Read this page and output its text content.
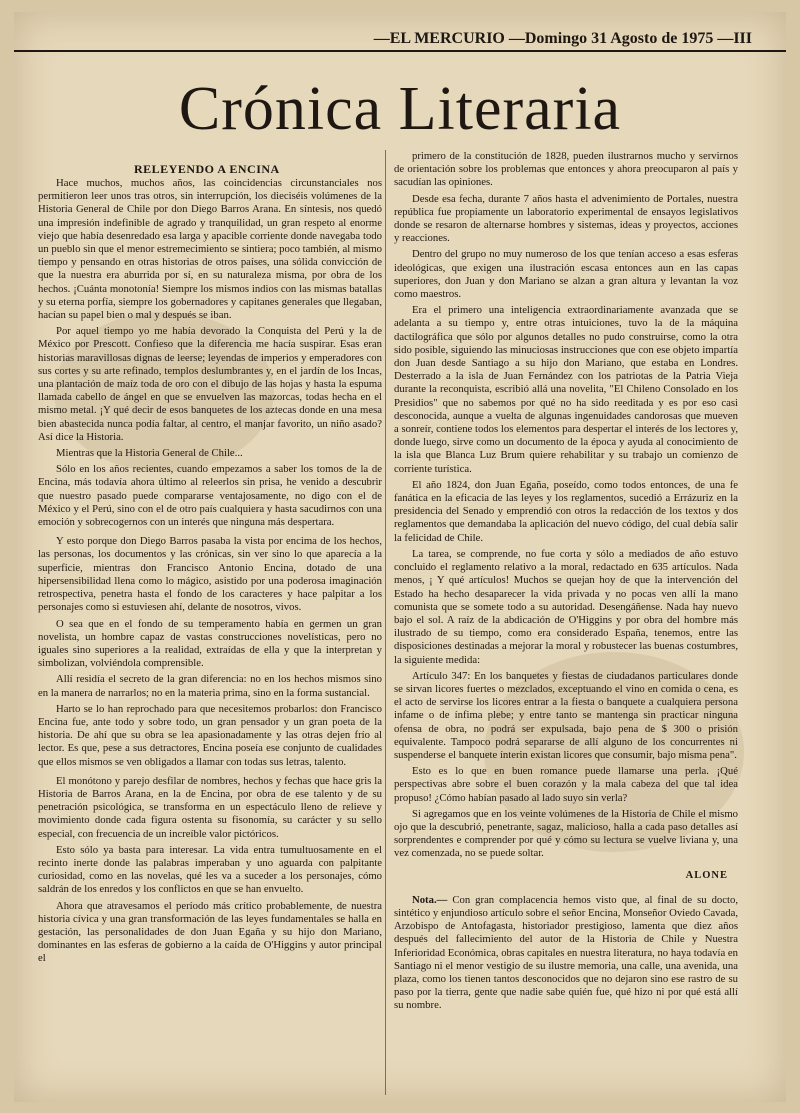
—EL MERCURIO —Domingo 31 Agosto de 1975 —III
Crónica Literaria
RELEYENDO A ENCINA

Hace muchos, muchos años, las coincidencias circunstanciales nos permitieron leer unos tras otros, sin interrupción, los dieciséis volúmenes de la Historia General de Chile por don Diego Barros Arana. En síntesis, nos quedó una impresión indefinible de agrado y tranquilidad, un gran respeto al enorme viejo que había desenredado esa larga y apacible corriente donde navegaba todo un pueblo sin que el menor estremecimiento se sintiera; poco también, al mismo tiempo y pensando en otras historias de otros países, una sólida convicción de que la nuestra era aburrida por sí, en su naturaleza misma, por obra de los hechos. ¡Cuánta monotonía! Siempre los mismos indios con las mismas batallas y su eterna porfía, siempre los gobernadores y capitanes generales que llegaban, hacían su papel bien o mal y después se iban.

Por aquel tiempo yo me había devorado la Conquista del Perú y la de México por Prescott. Confieso que la diferencia me hacía suspirar. Esas eran historias maravillosas dignas de leerse; leyendas de imperios y emperadores con sus cortes y su arte refinado, templos deslumbrantes y, en el jardín de los Incas, una plantación de maíz toda de oro con el dibujo de las hojas y hasta la espuma llamada cabello de ángel en que se envuelven las mazorcas, todas hecha en el mismo metal. ¡Y qué decir de esos banquetes de los aztecas donde en una mesa bien abastecida nunca podía faltar, al centro, el manjar favorito, un niño asado? Así dice la Historia.

Mientras que la Historia General de Chile...

Sólo en los años recientes, cuando empezamos a saber los tomos de la de Encina, más todavía ahora último al releerlos sin prisa, he venido a descubrir que nuestro pasado puede compararse ventajosamente, no digo con el de México y el Perú, sino con el de otro país cualquiera y hasta sacudirnos con una emoción y sobrecogernos con un interés que ninguna más despertara.

Y esto porque don Diego Barros pasaba la vista por encima de los hechos, las personas, los documentos y las crónicas, sin ver sino lo que aparecía a la superficie, mientras don Francisco Antonio Encina, dotado de una hipersensibilidad llena como lo mágico, asistido por una poderosa imaginación retrospectiva, penetra hasta el fondo de los caracteres y hace palpitar a los personajes como si estuviesen ahí, delante de nosotros, vivos.

O sea que en el fondo de su temperamento había en germen un gran novelista, un hombre capaz de vastas construcciones novelísticas, pero no iguales sino superiores a la realidad, extraídas de ella y que la interpretan y simbolizan, volviéndola comprensible.

Allí residía el secreto de la gran diferencia: no en los hechos mismos sino en la manera de narrarlos; no en la materia prima, sino en la forma sustancial.

Harto se lo han reprochado para que necesitemos probarlos: don Francisco Encina fue, ante todo y sobre todo, un gran pensador y un gran poeta de la historia. De ahí que su obra se lea apasionadamente y las otras dejen frío al lector. Es que, pese a sus detractores, Encina poseía ese conjunto de cualidades que ellos mismos se ven obligados a llamar con todas sus letras, talento.

El monótono y parejo desfilar de nombres, hechos y fechas que hace gris la Historia de Barros Arana, en la de Encina, por obra de ese talento y de su penetración psicológica, se transforma en un espectáculo lleno de relieve y movimiento donde cada figura ostenta su fisonomía, su carácter y su sello especial, con frecuencia de un increíble valor pictóricos.

Esto sólo ya basta para interesar. La vida entra tumultuosamente en el recinto inerte donde las palabras imperaban y uno aguarda con palpitante curiosidad, como en las novelas, qué les va a suceder a los personajes, cómo saldrán de los enredos y los conflictos en que se han envuelto.

Ahora que atravesamos el período más crítico probablemente, de nuestra historia cívica y una gran transformación de las leyes fundamentales se halla en gestación, las personalidades de don Juan Egaña y su hijo don Mariano, dominantes en las esferas de gobierno a la caída de O'Higgins y autor principal el

primero de la constitución de 1828, pueden ilustrarnos mucho y servirnos de orientación sobre los problemas que entonces y ahora preocuparon al país y sacudían las opiniones.

Desde esa fecha, durante 7 años hasta el advenimiento de Portales, nuestra república fue propiamente un laboratorio experimental de ensayos legislativos donde se resaron de alternarse hombres y sistemas, ideas y proyectos, acciones y reacciones.

Dentro del grupo no muy numeroso de los que tenían acceso a esas esferas ideológicas, que exigen una ilustración escasa entonces aun en las capas superiores, don Juan y don Mariano se alzan a gran altura y levantan la voz como maestros.

Era el primero una inteligencia extraordinariamente avanzada que se adelanta a su tiempo y, entre otras intuiciones, tuvo la de la máquina dactilográfica que sólo por algunos detalles no pudo construirse, como la otra sido posible, siguiendo las minuciosas instrucciones que con ese objeto impartía don Juan desde Santiago a su hijo don Mariano, que estaba en Londres. Desterrado a la isla de Juan Fernández con los patriotas de la Patria Vieja durante la reconquista, escribió allá una novelita, "El Chileno Consolado en los Presidios" que no sabemos por qué no ha sido reeditada y es por eso casi desconocida, aunque a vuelta de algunas ingenuidades candorosas que mueven a sonreír, contiene todos los elementos para despertar el interés de los lectores y, donde luego, sirve como un documento de la época y ayuda al conocimiento de la isla que Blanca Luz Brum quiere rehabilitar y su trabajo un comienzo de corriente turística.

El año 1824, don Juan Egaña, poseído, como todos entonces, de una fe fanática en la eficacia de las leyes y los reglamentos, sucedió a Errázuriz en la presidencia del Senado y emprendió con otros la redacción de los textos y dos reglamentos que demandaba la aplicación del nuevo código, del cual debía salir la felicidad de Chile.

La tarea, se comprende, no fue corta y sólo a mediados de año estuvo concluido el reglamento relativo a la moral, redactado en 635 artículos. Nada menos, ¡ Y qué artículos! Muchos se quejan hoy de que la intervención del Estado ha hecho desaparecer la vida privada y no pocas ven allí la mano comunista que se somete todo a su autoridad. Desengáñense. Nada hay nuevo bajo el sol. A raíz de la abdicación de O'Higgins y por obra del hombre más ilustrado de su tiempo, como era considerado España, tenemos, entre las disposiciones destinadas a mejorar la moral y robustecer las buenas costumbres, la siguiente medida:

Artículo 347: En los banquetes y fiestas de ciudadanos particulares donde se sirvan licores fuertes o mezclados, exceptuando el vino en comida o cena, es el acto de servirse los licores entrar a la fiesta o banquete a cualquiera persona infame o de ínfima plebe; y entre tanto se mantenga sin practicar ninguna ofensa de obra, no podrá ser expulsada, bajo pena de $ 300 o prisión equivalente. Tampoco podrá separarse de allí alguno de los concurrentes ni suspenderse el banquete ínterin existan licores que consumir, bajo misma pena".

Esto es lo que en buen romance puede llamarse una perla. ¡Qué perspectivas abre sobre el buen corazón y la mala cabeza del que tal idea propuso! ¿Cómo habían pasado al lado suyo sin verla?

Si agregamos que en los veinte volúmenes de la Historia de Chile el mismo ojo que la descubrió, penetrante, sagaz, malicioso, halla a cada paso detalles así sorprendentes e comprender por qué y cómo su lectura se vuelve liviana y, una vez comenzada, no se puede soltar.

ALONE

Nota.— Con gran complacencia hemos visto que, al final de su docto, sintético y enjundioso artículo sobre el señor Encina, Monseñor Oviedo Cavada, Arzobispo de Antofagasta, historiador prestigioso, lamenta que diez años después del fallecimiento del autor de la Historia de Chile y Nuestra Inferioridad Económica, obras capitales en nuestra literatura, no haya todavía en Santiago ni el menor vestigio de su ilustre memoria, una calle, una avenida, una plaza, como los tienen tantos desconocidos que no dejaron sino ese rastro de su paso por la tierra, gente que nadie sabe quién fue, qué hizo ni por qué está allí su nombre.
